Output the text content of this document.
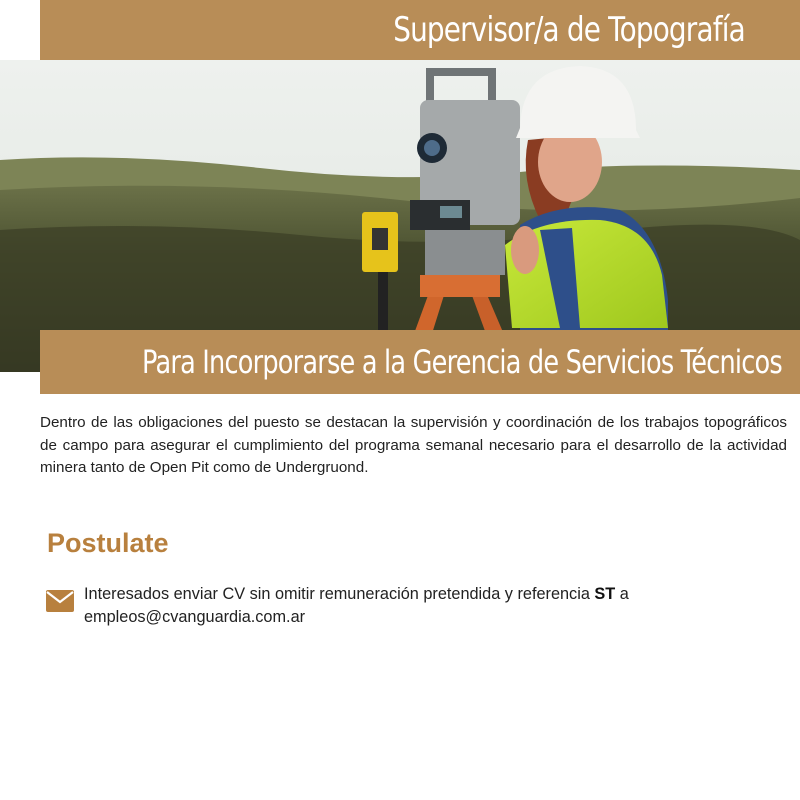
Supervisor/a de Topografía
Para Incorporarse a la Gerencia de Servicios Técnicos

Dentro de las obligaciones del puesto se destacan la supervisión y coordinación de los trabajos topográficos de campo para asegurar el cumplimiento del programa semanal necesario para el desarrollo de la actividad minera tanto de Open Pit como de Undergruond.

Postulate
Interesados enviar CV sin omitir remuneración pretendida y referencia ST a
empleos@cvanguardia.com.ar
